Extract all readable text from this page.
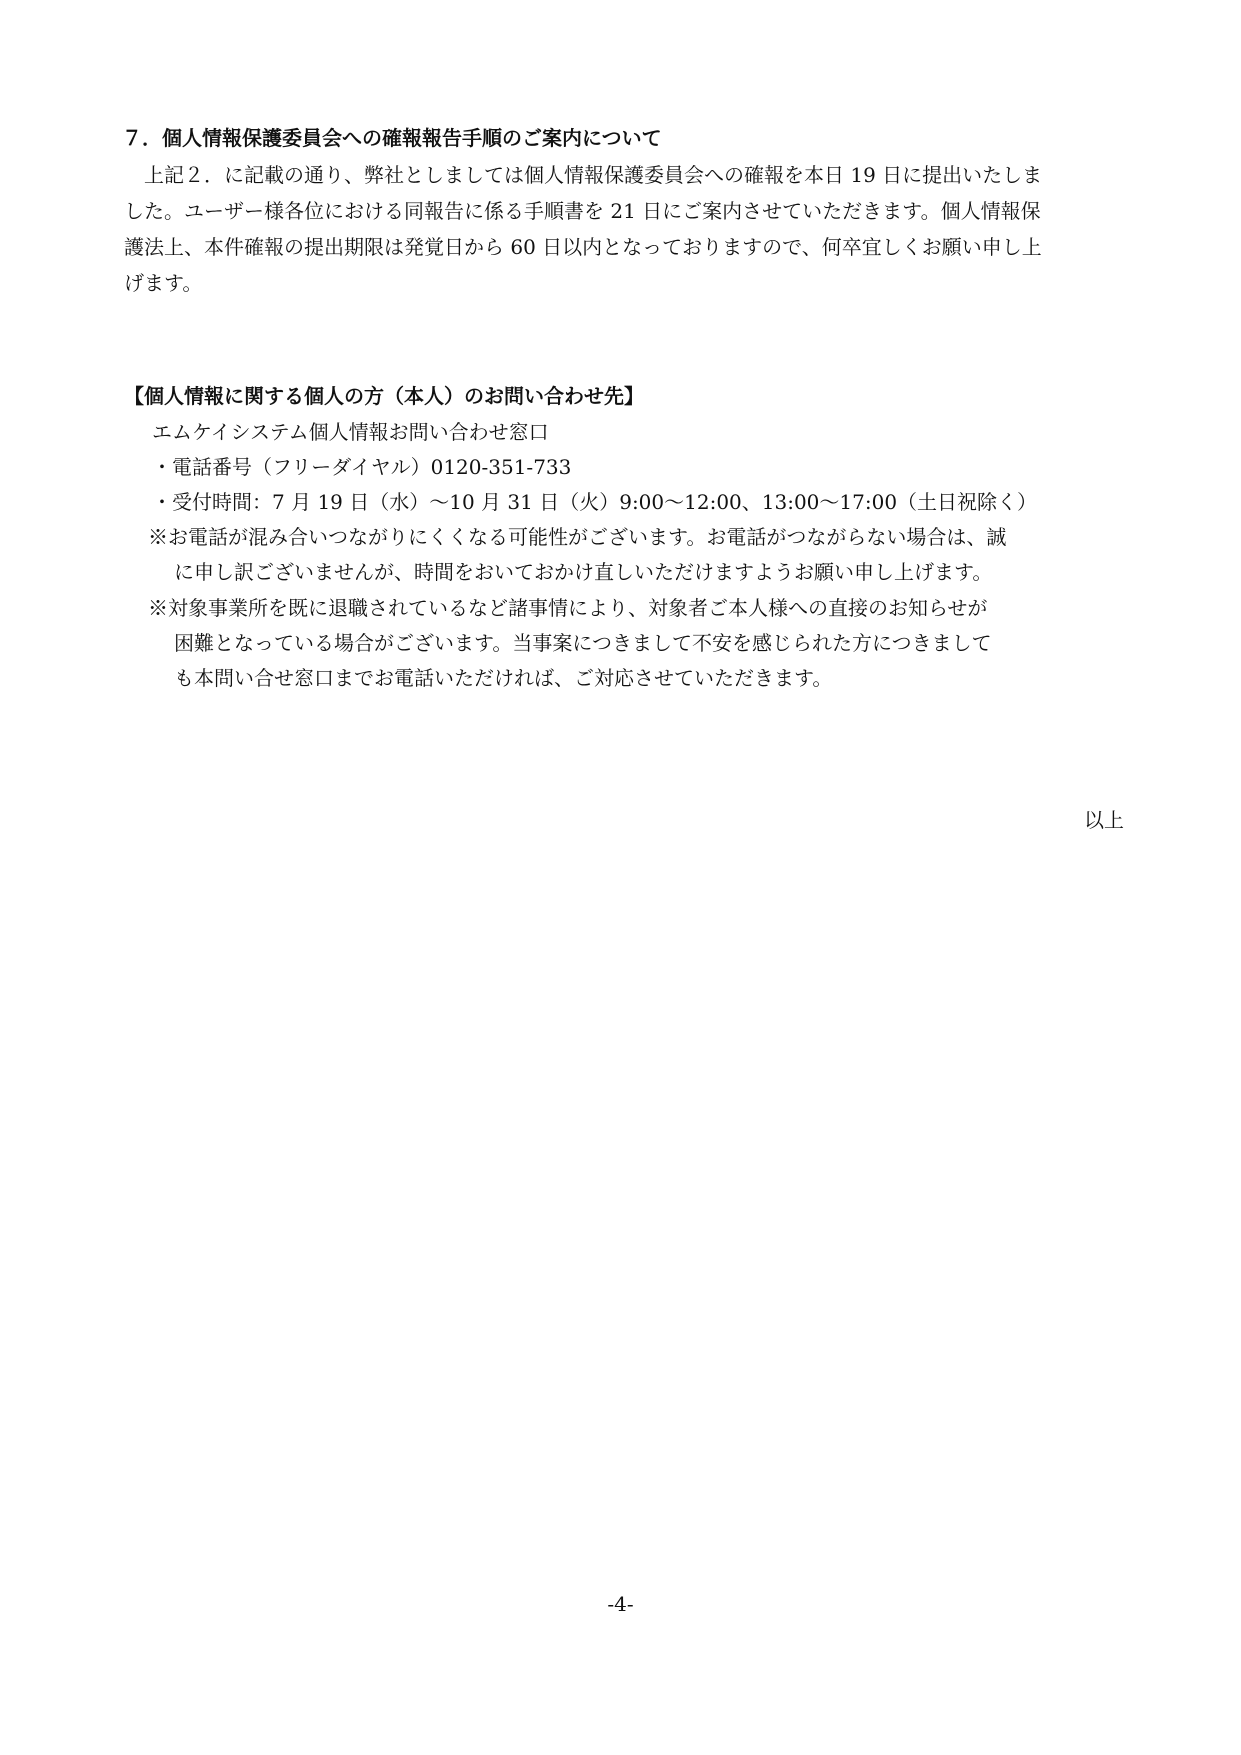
７．個人情報保護委員会への確報報告手順のご案内について
　上記２．に記載の通り、弊社としましては個人情報保護委員会への確報を本日 19 日に提出いたしま
した。ユーザー様各位における同報告に係る手順書を 21 日にご案内させていただきます。個人情報保
護法上、本件確報の提出期限は発覚日から 60 日以内となっておりますので、何卒宜しくお願い申し上
げます。
【個人情報に関する個人の方（本人）のお問い合わせ先】
エムケイシステム個人情報お問い合わせ窓口
・電話番号（フリーダイヤル）0120-351-733
・受付時間：7 月 19 日（水）～10 月 31 日（火）9:00～12:00、13:00～17:00（土日祝除く）
※お電話が混み合いつながりにくくなる可能性がございます。お電話がつながらない場合は、誠
に申し訳ございませんが、時間をおいておかけ直しいただけますようお願い申し上げます。
※対象事業所を既に退職されているなど諸事情により、対象者ご本人様への直接のお知らせが
困難となっている場合がございます。当事案につきまして不安を感じられた方につきまして
も本問い合せ窓口までお電話いただければ、ご対応させていただきます。
以上
-4-
